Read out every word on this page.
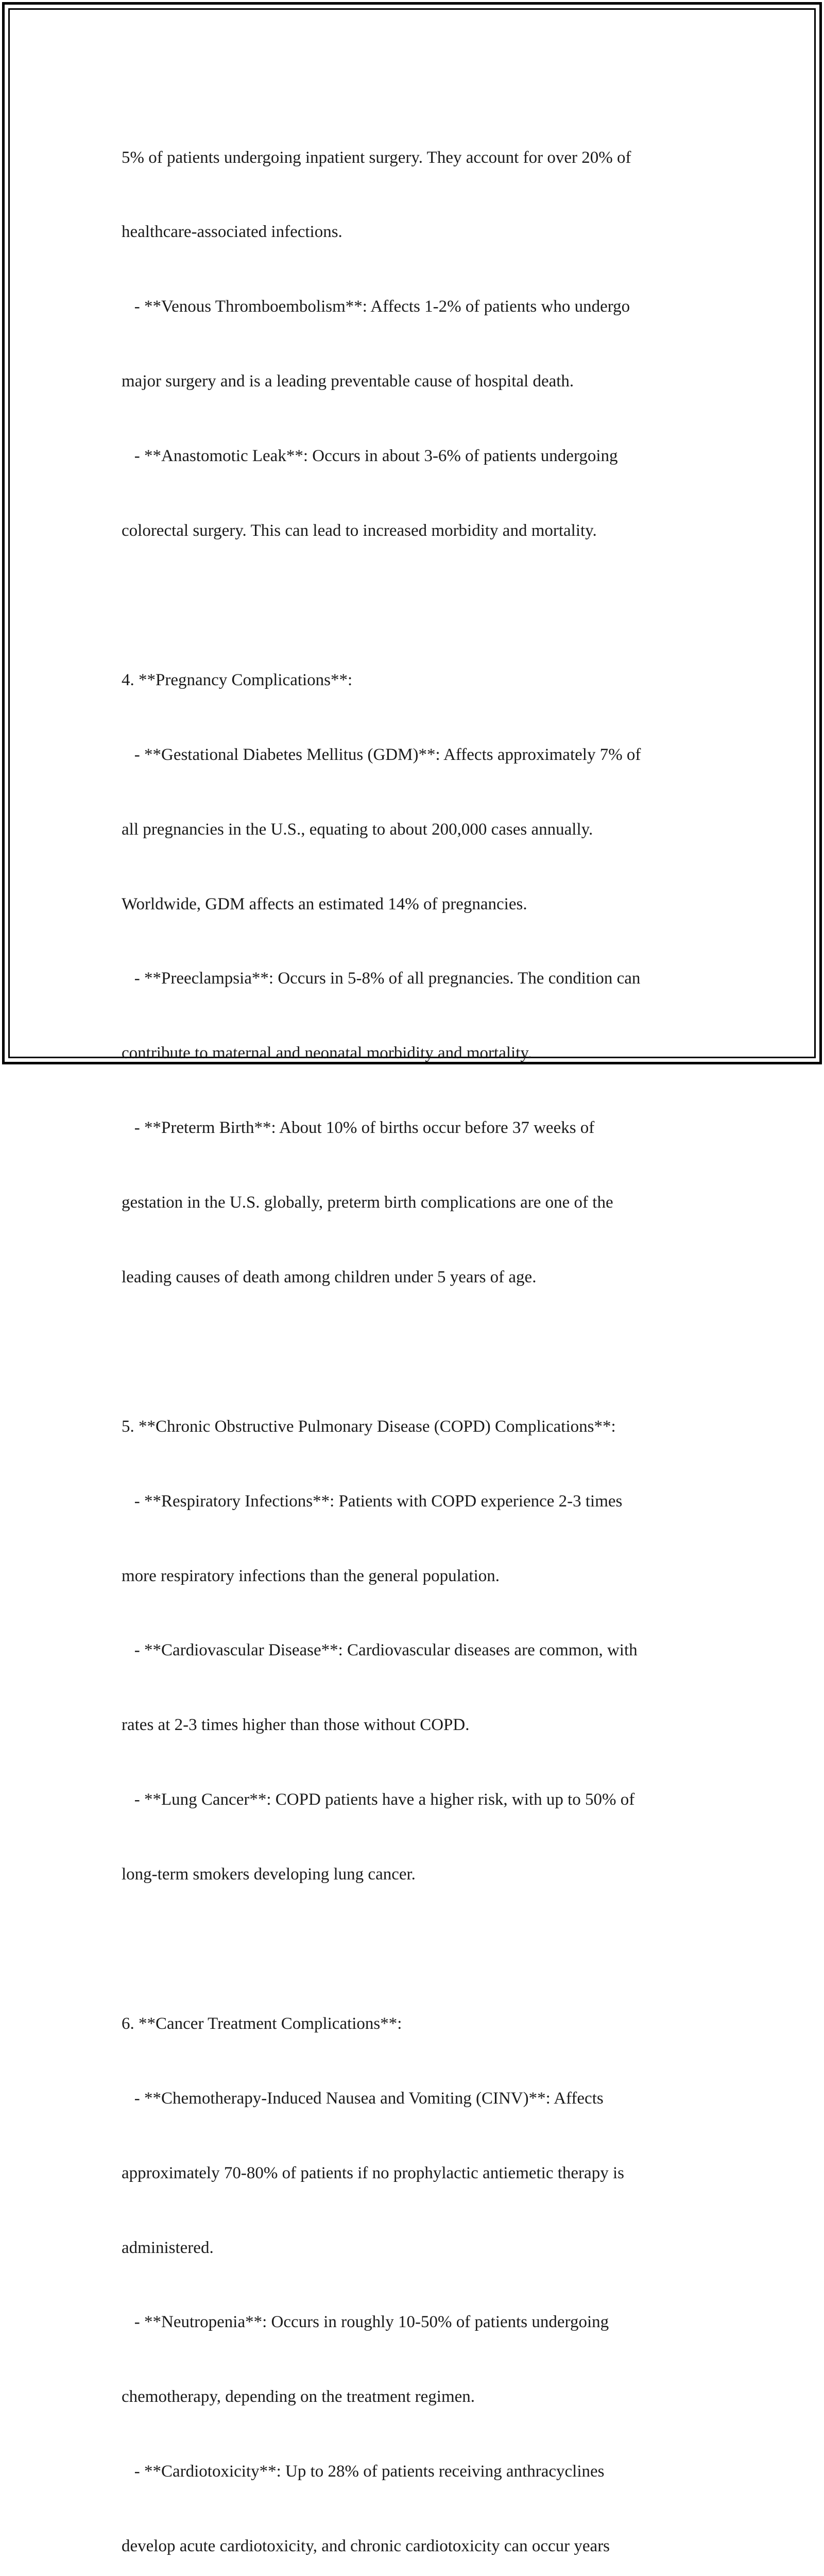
5% of patients undergoing inpatient surgery. They account for over 20% of

healthcare-associated infections.

- **Venous Thromboembolism**: Affects 1-2% of patients who undergo

major surgery and is a leading preventable cause of hospital death.

- **Anastomotic Leak**: Occurs in about 3-6% of patients undergoing

colorectal surgery. This can lead to increased morbidity and mortality.

4. **Pregnancy Complications**:

- **Gestational Diabetes Mellitus (GDM)**: Affects approximately 7% of

all pregnancies in the U.S., equating to about 200,000 cases annually.

Worldwide, GDM affects an estimated 14% of pregnancies.

- **Preeclampsia**: Occurs in 5-8% of all pregnancies. The condition can

contribute to maternal and neonatal morbidity and mortality.

- **Preterm Birth**: About 10% of births occur before 37 weeks of

gestation in the U.S. globally, preterm birth complications are one of the

leading causes of death among children under 5 years of age.

5. **Chronic Obstructive Pulmonary Disease (COPD) Complications**:

- **Respiratory Infections**: Patients with COPD experience 2-3 times

more respiratory infections than the general population.

- **Cardiovascular Disease**: Cardiovascular diseases are common, with

rates at 2-3 times higher than those without COPD.

- **Lung Cancer**: COPD patients have a higher risk, with up to 50% of

long-term smokers developing lung cancer.

6. **Cancer Treatment Complications**:

- **Chemotherapy-Induced Nausea and Vomiting (CINV)**: Affects

approximately 70-80% of patients if no prophylactic antiemetic therapy is

administered.

- **Neutropenia**: Occurs in roughly 10-50% of patients undergoing

chemotherapy, depending on the treatment regimen.

- **Cardiotoxicity**: Up to 28% of patients receiving anthracyclines

develop acute cardiotoxicity, and chronic cardiotoxicity can occur years
